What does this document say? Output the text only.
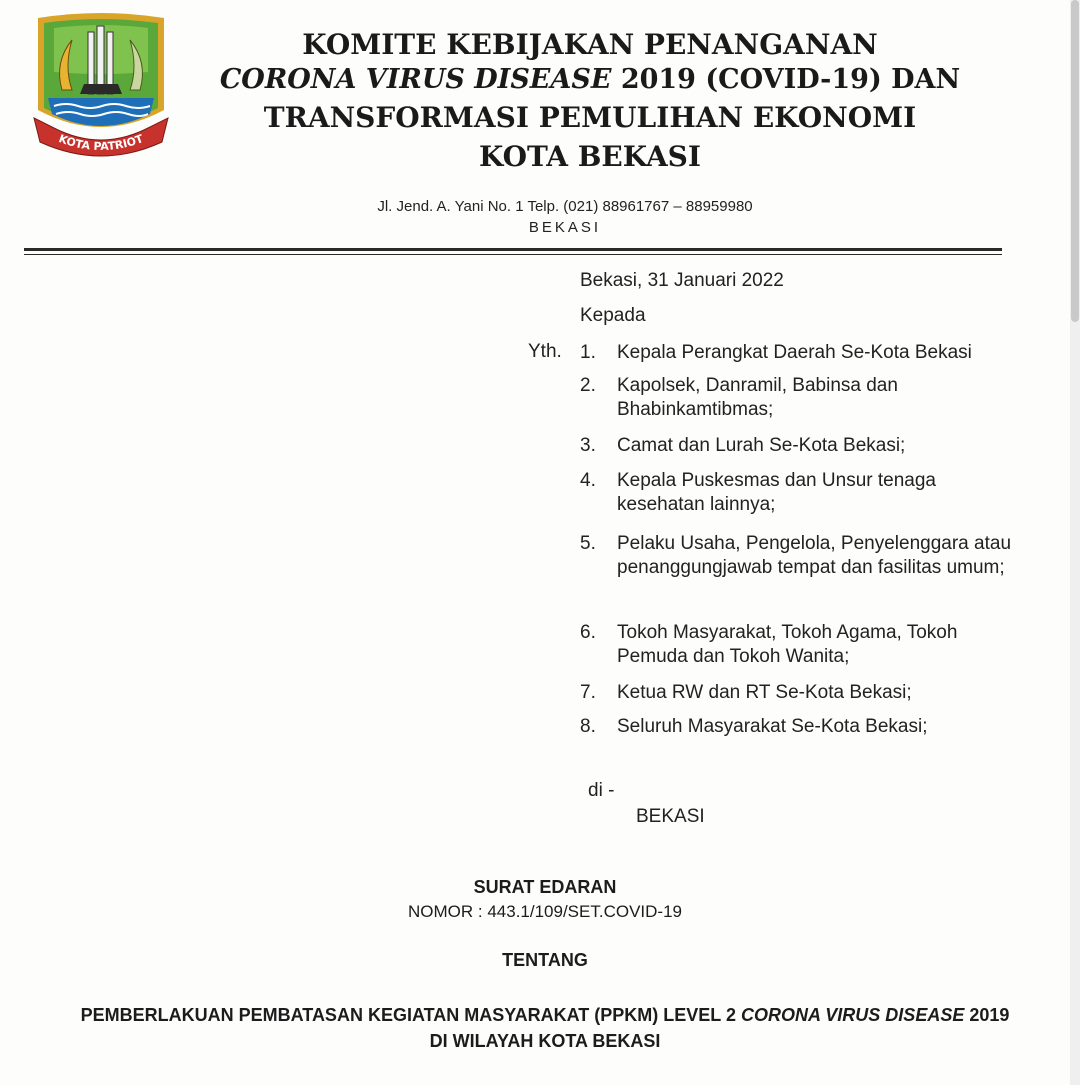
KOTA PATRIOT
KOMITE KEBIJAKAN PENANGANAN
CORONA VIRUS DISEASE 2019 (COVID-19) DAN
TRANSFORMASI PEMULIHAN EKONOMI
KOTA BEKASI
Jl. Jend. A. Yani No. 1 Telp. (021) 88961767 – 88959980
BEKASI
Bekasi, 31 Januari 2022
Kepada
Yth. 1.	Kepala Perangkat Daerah Se-Kota Bekasi
2.	Kapolsek, Danramil, Babinsa dan Bhabinkamtibmas;
3.	Camat dan Lurah Se-Kota Bekasi;
4.	Kepala Puskesmas dan Unsur tenaga kesehatan lainnya;
5.	Pelaku Usaha, Pengelola, Penyelenggara atau penanggungjawab tempat dan fasilitas umum;
6.	Tokoh Masyarakat, Tokoh Agama, Tokoh Pemuda dan Tokoh Wanita;
7.	Ketua RW dan RT Se-Kota Bekasi;
8.	Seluruh Masyarakat Se-Kota Bekasi;
di -
BEKASI
SURAT EDARAN
NOMOR : 443.1/109/SET.COVID-19
TENTANG
PEMBERLAKUAN PEMBATASAN KEGIATAN MASYARAKAT (PPKM) LEVEL 2 CORONA VIRUS DISEASE 2019 DI WILAYAH KOTA BEKASI
